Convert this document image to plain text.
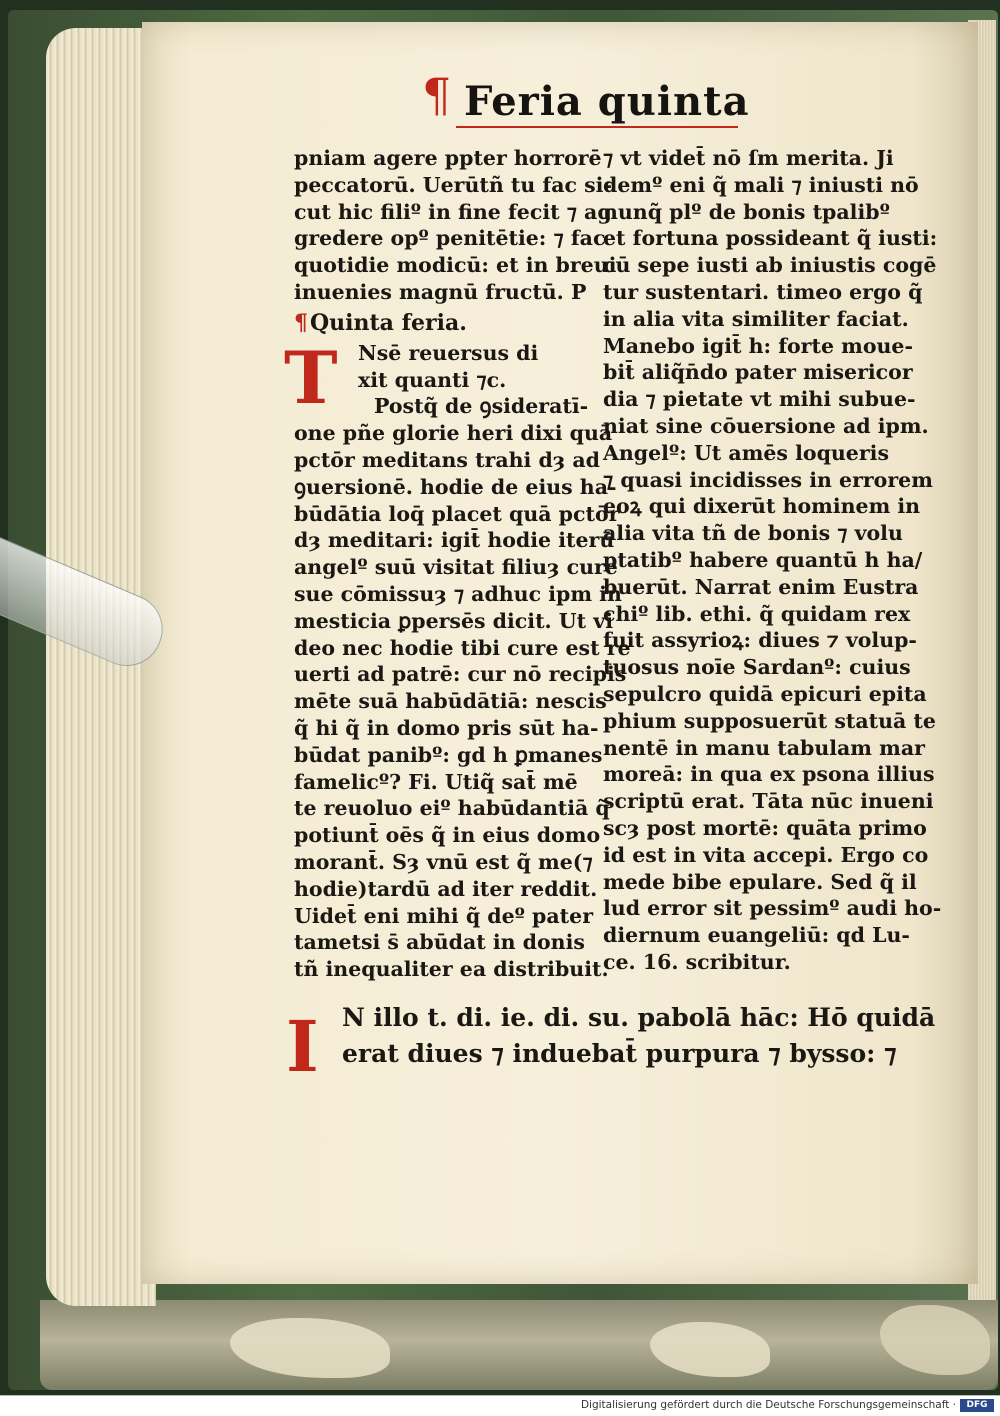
¶ Feria quinta
pniam agere ppter horrorē
peccatorū. Uerūtñ tu fac si-
cut hic filiº in fine fecit ⁊ ag
gredere opº penitētie: ⁊ fac
quotidie modicū: et in breui
inuenies magnū fructū. P
¶Quinta feria.
T Nsē reuersus di
xit quanti ⁊c.
Postq̃ de ꝯsideratī-
one pñe glorie heri dixi quā
pctōr meditans trahi dȝ ad
ꝯuersionē. hodie de eius ha-
būdātia loq̄ placet quā pctōr
dȝ meditari: igit̄ hodie iterū
angelº suū visitat filiuȝ cure
sue cōmissuȝ ⁊ adhuc ipm in
mesticia ꝑpersēs dicit. Ut vi
deo nec hodie tibi cure est re
uerti ad patrē: cur nō recipis
mēte suā habūdātiā: nescis
q̃ hi q̃ in domo pris sūt ha-
būdat panibº: gd h ꝑmanes
famelicº? Fi. Utiq̃ sat̄ mē
te reuoluo eiº habūdantiā q̃
potiunt̄ oēs q̃ in eius domo
morant̄. Sȝ vnū est q̃ me(⁊
hodie)tardū ad iter reddit.
Uidet̄ eni mihi q̃ deº pater
tametsi s̄ abūdat in donis
tñ inequaliter ea distribuit.
⁊ vt videt̄ nō ſm merita. Ji
demº eni q̃ mali ⁊ iniusti nō
nunq̃ plº de bonis tpalibº
et fortuna possideant q̃ iusti:
cū sepe iusti ab iniustis cogē
tur sustentari. timeo ergo q̃
in alia vita similiter faciat.
Manebo igit̄ h: forte moue-
bit̄ aliq̃n̄do pater misericor
dia ⁊ pietate vt mihi subue-
niat sine cōuersione ad ipm.
Angelº: Ut amēs loqueris
⁊ quasi incidisses in errorem
eoꝝ qui dixerūt hominem in
alia vita tñ de bonis ⁊ volu
ptatibº habere quantū h ha/
buerūt. Narrat enim Eustra
chiº lib. ethi. q̃ quidam rex
fuit assyrioꝝ: diues ⁊ volup-
tuosus noīe Sardanº: cuius
sepulcro quidā epicuri epita
phium supposuerūt statuā te
nentē in manu tabulam mar
moreā: in qua ex psona illius
scriptū erat. Tāta nūc inueni
scȝ post mortē: quāta primo
id est in vita accepi. Ergo co
mede bibe epulare. Sed q̃ il
lud error sit pessimº audi ho-
diernum euangeliū: qd Lu-
ce. 16. scribitur.
I N illo t. di. ie. di. su. pabolā hāc: Hō quidā
erat diues ⁊ induebat̄ purpura ⁊ bysso: ⁊
Digitalisierung gefördert durch die Deutsche Forschungsgemeinschaft ·	DFG
